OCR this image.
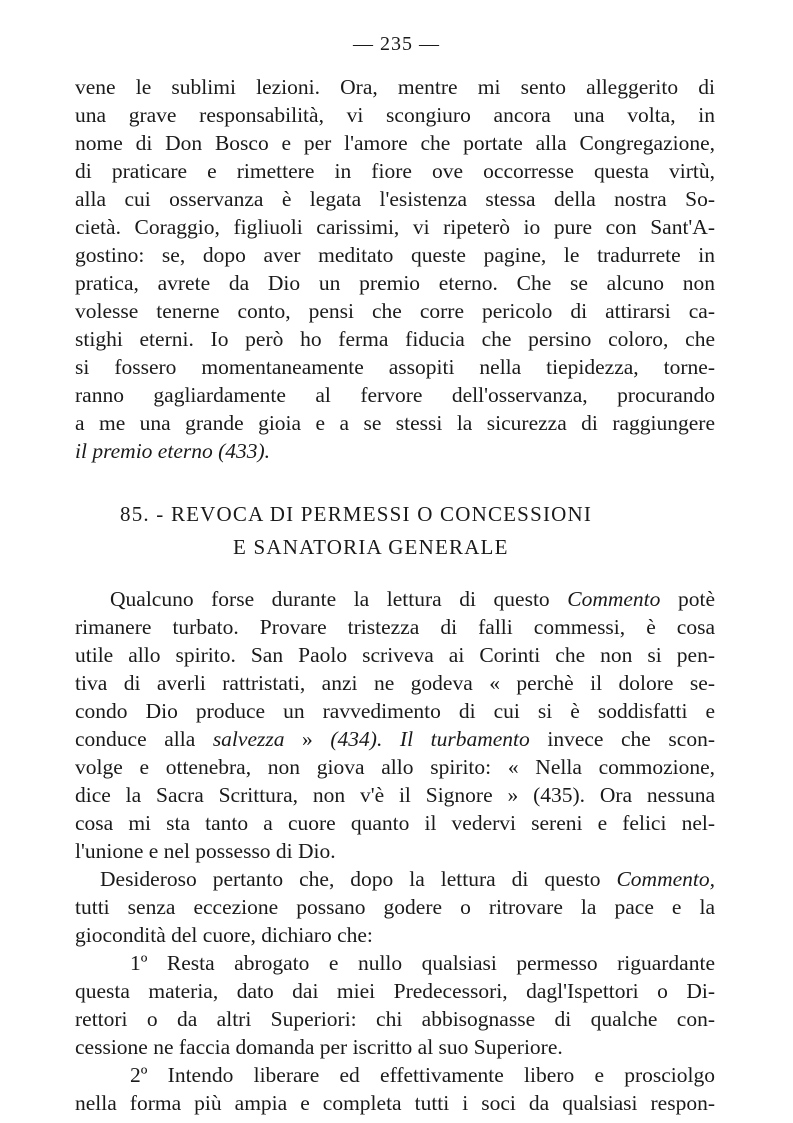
— 235 —
vene le sublimi lezioni. Ora, mentre mi sento alleggerito di
una grave responsabilità, vi scongiuro ancora una volta, in
nome di Don Bosco e per l'amore che portate alla Congregazione,
di praticare e rimettere in fiore ove occorresse questa virtù,
alla cui osservanza è legata l'esistenza stessa della nostra So-
cietà. Coraggio, figliuoli carissimi, vi ripeterò io pure con Sant'A-
gostino: se, dopo aver meditato queste pagine, le tradurrete in
pratica, avrete da Dio un premio eterno. Che se alcuno non
volesse tenerne conto, pensi che corre pericolo di attirarsi ca-
stighi eterni. Io però ho ferma fiducia che persino coloro, che
si fossero momentaneamente assopiti nella tiepidezza, torne-
ranno gagliardamente al fervore dell'osservanza, procurando
a me una grande gioia e a se stessi la sicurezza di raggiungere
il premio eterno (433).
85. - REVOCA DI PERMESSI O CONCESSIONI
E SANATORIA GENERALE
Qualcuno forse durante la lettura di questo Commento potè
rimanere turbato. Provare tristezza di falli commessi, è cosa
utile allo spirito. San Paolo scriveva ai Corinti che non si pen-
tiva di averli rattristati, anzi ne godeva « perchè il dolore se-
condo Dio produce un ravvedimento di cui si è soddisfatti e
conduce alla salvezza » (434). Il turbamento invece che scon-
volge e ottenebra, non giova allo spirito: « Nella commozione,
dice la Sacra Scrittura, non v'è il Signore » (435). Ora nessuna
cosa mi sta tanto a cuore quanto il vedervi sereni e felici nel-
l'unione e nel possesso di Dio.
Desideroso pertanto che, dopo la lettura di questo Commento,
tutti senza eccezione possano godere o ritrovare la pace e la
giocondità del cuore, dichiaro che:
1º Resta abrogato e nullo qualsiasi permesso riguardante
questa materia, dato dai miei Predecessori, dagl'Ispettori o Di-
rettori o da altri Superiori: chi abbisognasse di qualche con-
cessione ne faccia domanda per iscritto al suo Superiore.
2º Intendo liberare ed effettivamente libero e prosciolgo
nella forma più ampia e completa tutti i soci da qualsiasi respon-
